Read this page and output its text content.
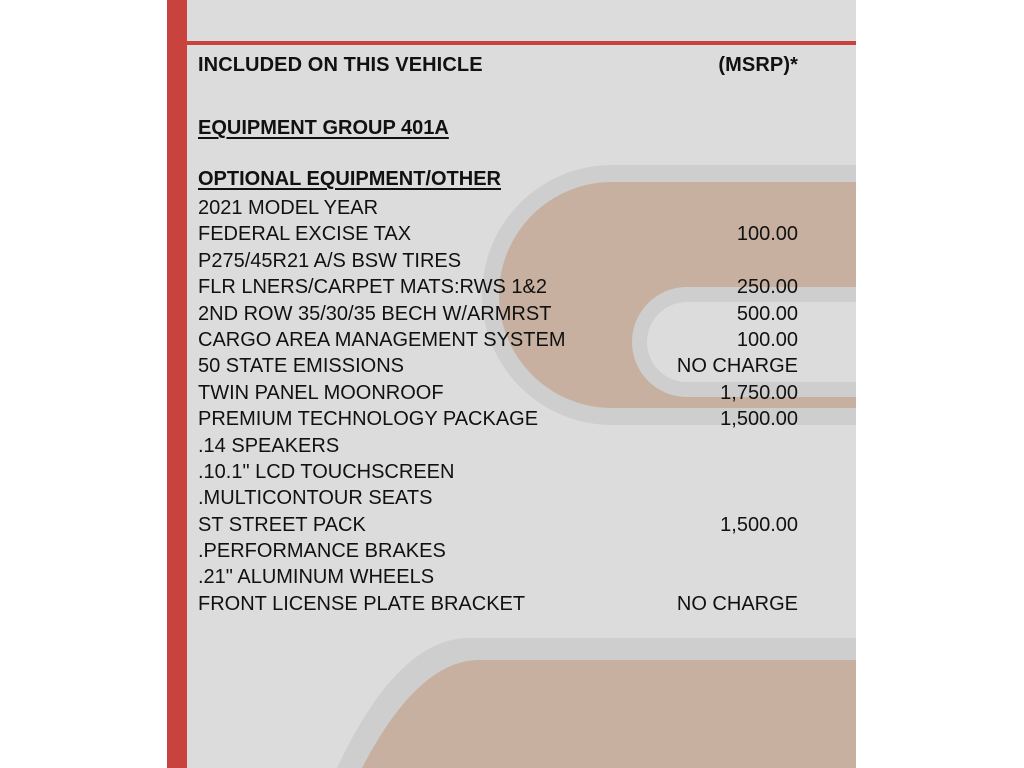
INCLUDED ON THIS VEHICLE	(MSRP)*
EQUIPMENT GROUP 401A
OPTIONAL EQUIPMENT/OTHER
2021 MODEL YEAR
FEDERAL EXCISE TAX	100.00
P275/45R21 A/S BSW TIRES
FLR LNERS/CARPET MATS:RWS 1&2	250.00
2ND ROW 35/30/35 BECH W/ARMRST	500.00
CARGO AREA MANAGEMENT SYSTEM	100.00
50 STATE EMISSIONS	NO CHARGE
TWIN PANEL MOONROOF	1,750.00
PREMIUM TECHNOLOGY PACKAGE	1,500.00
.14 SPEAKERS
.10.1" LCD TOUCHSCREEN
.MULTICONTOUR SEATS
ST STREET PACK	1,500.00
.PERFORMANCE BRAKES
.21" ALUMINUM WHEELS
FRONT LICENSE PLATE BRACKET	NO CHARGE
